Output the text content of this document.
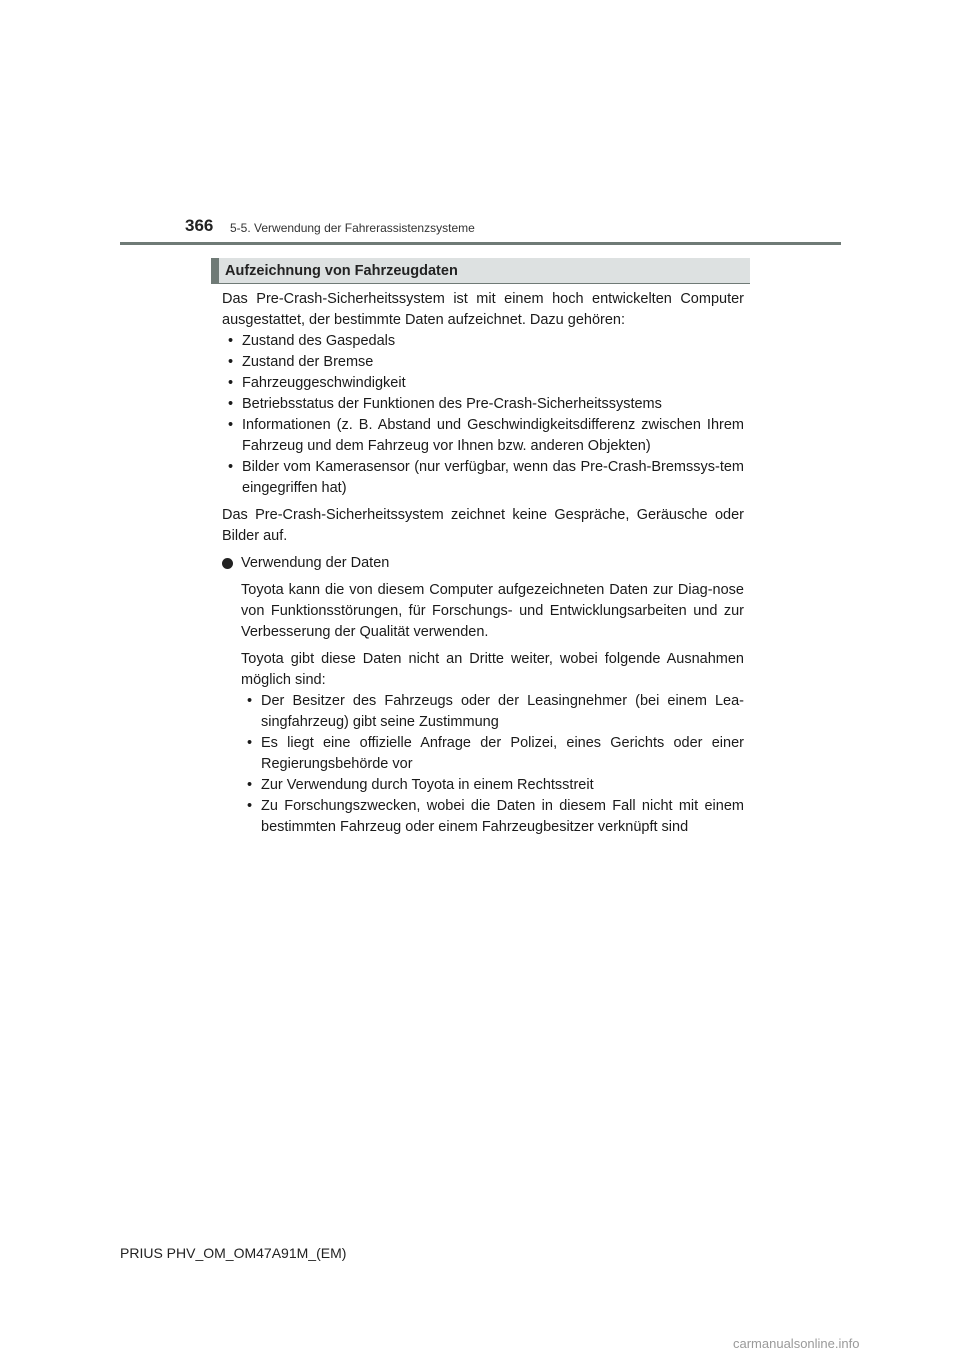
366 5-5. Verwendung der Fahrerassistenzsysteme
Aufzeichnung von Fahrzeugdaten

Das Pre-Crash-Sicherheitssystem ist mit einem hoch entwickelten Computer ausgestattet, der bestimmte Daten aufzeichnet. Dazu gehören:

• Zustand des Gaspedals
• Zustand der Bremse
• Fahrzeuggeschwindigkeit
• Betriebsstatus der Funktionen des Pre-Crash-Sicherheitssystems
• Informationen (z. B. Abstand und Geschwindigkeitsdifferenz zwischen Ihrem Fahrzeug und dem Fahrzeug vor Ihnen bzw. anderen Objekten)
• Bilder vom Kamerasensor (nur verfügbar, wenn das Pre-Crash-Bremssys-tem eingegriffen hat)

Das Pre-Crash-Sicherheitssystem zeichnet keine Gespräche, Geräusche oder Bilder auf.

Verwendung der Daten

Toyota kann die von diesem Computer aufgezeichneten Daten zur Diag-nose von Funktionsstörungen, für Forschungs- und Entwicklungsarbeiten und zur Verbesserung der Qualität verwenden.

Toyota gibt diese Daten nicht an Dritte weiter, wobei folgende Ausnahmen möglich sind:

• Der Besitzer des Fahrzeugs oder der Leasingnehmer (bei einem Lea-singfahrzeug) gibt seine Zustimmung
• Es liegt eine offizielle Anfrage der Polizei, eines Gerichts oder einer Regierungsbehörde vor
• Zur Verwendung durch Toyota in einem Rechtsstreit
• Zu Forschungszwecken, wobei die Daten in diesem Fall nicht mit einem bestimmten Fahrzeug oder einem Fahrzeugbesitzer verknüpft sind
PRIUS PHV_OM_OM47A91M_(EM)
carmanualsonline.info
